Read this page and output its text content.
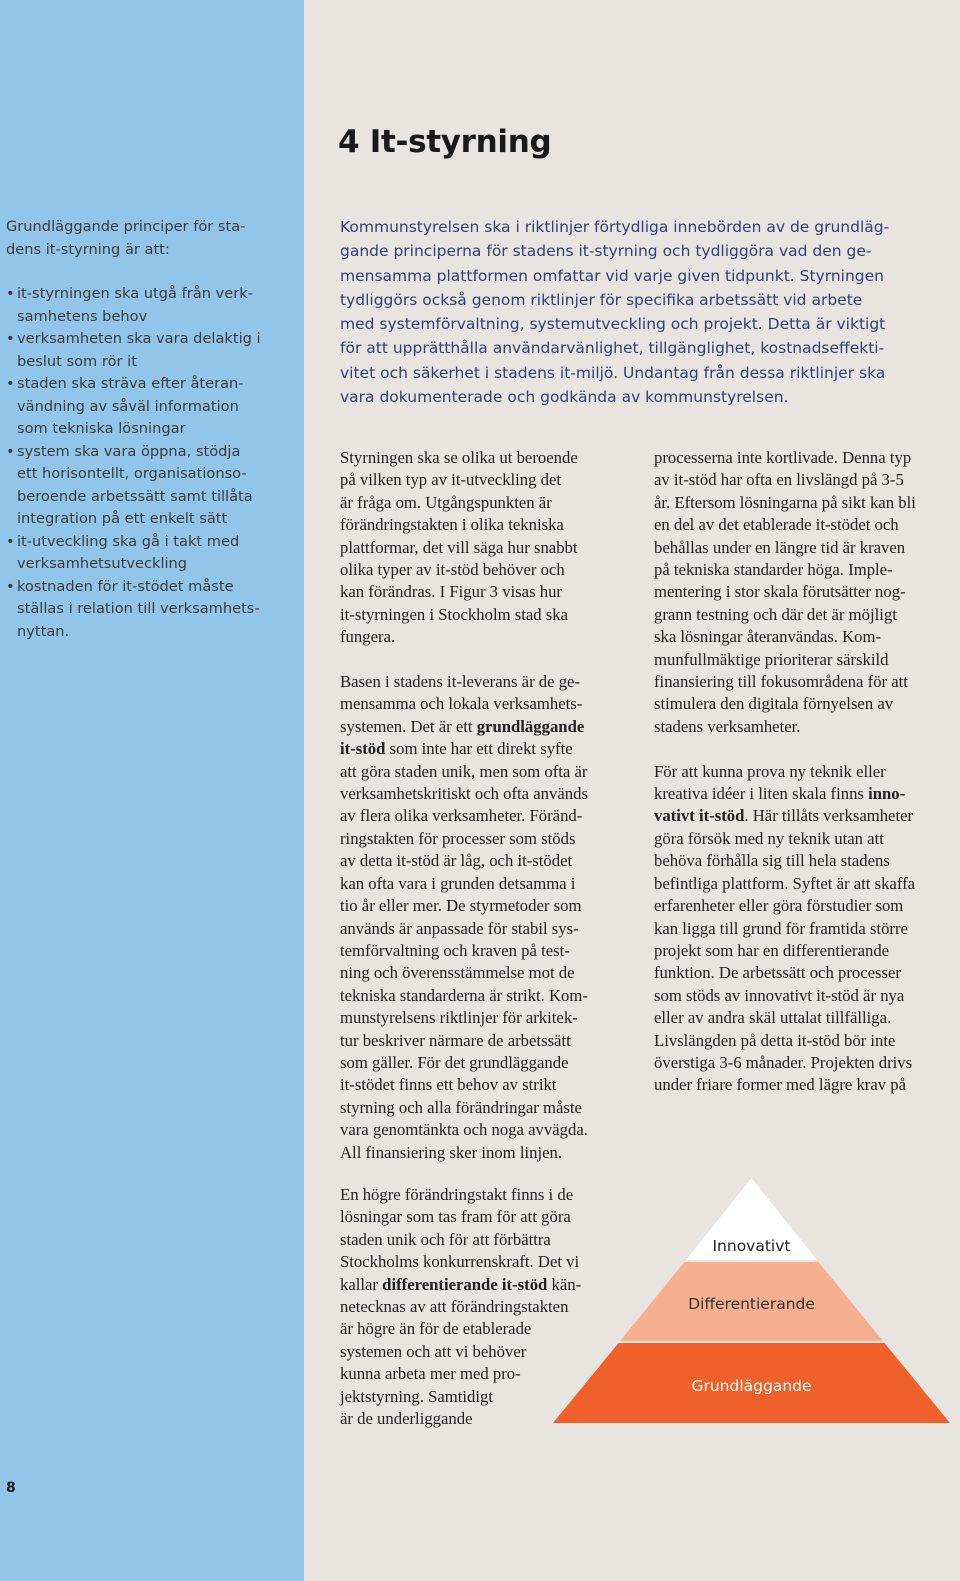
Grundläggande principer för sta-
dens it-styrning är att:

• it-styrningen ska utgå från verk-
samhetens behov
• verksamheten ska vara delaktig i
beslut som rör it
• staden ska sträva efter återan-
vändning av såväl information
som tekniska lösningar
• system ska vara öppna, stödja
ett horisontellt, organisationso-
beroende arbetssätt samt tillåta
integration på ett enkelt sätt
• it-utveckling ska gå i takt med
verksamhetsutveckling
• kostnaden för it-stödet måste
ställas i relation till verksamhets-
nyttan.
8
4 It-styrning

Kommunstyrelsen ska i riktlinjer förtydliga innebörden av de grundläg-
gande principerna för stadens it-styrning och tydliggöra vad den ge-
mensamma plattformen omfattar vid varje given tidpunkt. Styrningen
tydliggörs också genom riktlinjer för specifika arbetssätt vid arbete
med systemförvaltning, systemutveckling och projekt. Detta är viktigt
för att upprätthålla användarvänlighet, tillgänglighet, kostnadseffekti-
vitet och säkerhet i stadens it-miljö. Undantag från dessa riktlinjer ska
vara dokumenterade och godkända av kommunstyrelsen.

Styrningen ska se olika ut beroende
på vilken typ av it-utveckling det
är fråga om. Utgångspunkten är
förändringstakten i olika tekniska
plattformar, det vill säga hur snabbt
olika typer av it-stöd behöver och
kan förändras. I Figur 3 visas hur
it-styrningen i Stockholm stad ska
fungera.

Basen i stadens it-leverans är de ge-
mensamma och lokala verksamhets-
systemen. Det är ett grundläggande
it-stöd som inte har ett direkt syfte
att göra staden unik, men som ofta är
verksamhetskritiskt och ofta används
av flera olika verksamheter. Föränd-
ringstakten för processer som stöds
av detta it-stöd är låg, och it-stödet
kan ofta vara i grunden detsamma i
tio år eller mer. De styrmetoder som
används är anpassade för stabil sys-
temförvaltning och kraven på test-
ning och överensstämmelse mot de
tekniska standarderna är strikt. Kom-
munstyrelsens riktlinjer för arkitek-
tur beskriver närmare de arbetssätt
som gäller. För det grundläggande
it-stödet finns ett behov av strikt
styrning och alla förändringar måste
vara genomtänkta och noga avvägda.
All finansiering sker inom linjen.

En högre förändringstakt finns i de
lösningar som tas fram för att göra
staden unik och för att förbättra
Stockholms konkurrenskraft. Det vi
kallar differentierande it-stöd kän-
netecknas av att förändringstakten
är högre än för de etablerade
systemen och att vi behöver
kunna arbeta mer med pro-
jektstyrning. Samtidigt
är de underliggande

processerna inte kortlivade. Denna typ
av it-stöd har ofta en livslängd på 3-5
år. Eftersom lösningarna på sikt kan bli
en del av det etablerade it-stödet och
behållas under en längre tid är kraven
på tekniska standarder höga. Imple-
mentering i stor skala förutsätter nog-
grann testning och där det är möjligt
ska lösningar återanvändas. Kom-
munfullmäktige prioriterar särskild
finansiering till fokusområdena för att
stimulera den digitala förnyelsen av
stadens verksamheter.

För att kunna prova ny teknik eller
kreativa idéer i liten skala finns inno-
vativt it-stöd. Här tillåts verksamheter
göra försök med ny teknik utan att
behöva förhålla sig till hela stadens
befintliga plattform. Syftet är att skaffa
erfarenheter eller göra förstudier som
kan ligga till grund för framtida större
projekt som har en differentierande
funktion. De arbetssätt och processer
som stöds av innovativt it-stöd är nya
eller av andra skäl uttalat tillfälliga.
Livslängden på detta it-stöd bör inte
överstiga 3-6 månader. Projekten drivs
under friare former med lägre krav på

Innovativt
Differentierande
Grundläggande
